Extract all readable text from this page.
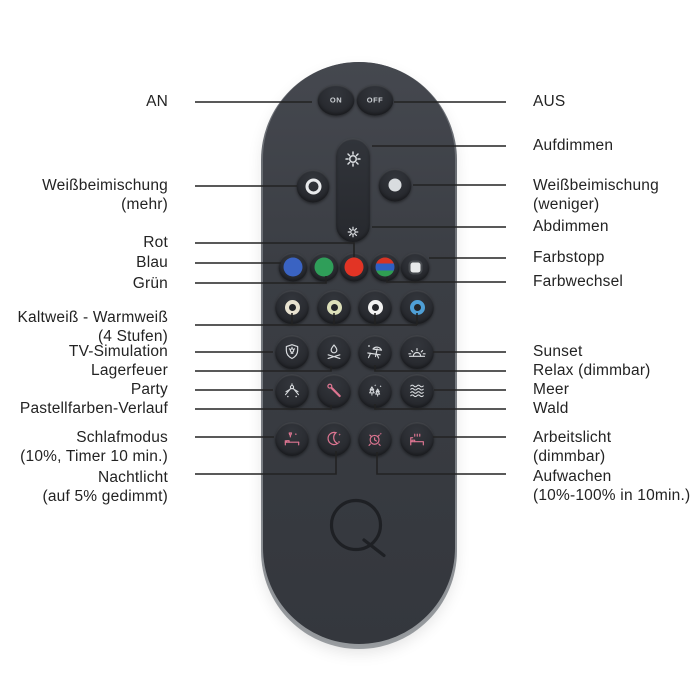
ON	OFF
AN
Weißbeimischung
(mehr)
Rot
Blau
Grün
Kaltweiß - Warmweiß
(4 Stufen)
TV-Simulation
Lagerfeuer
Party
Pastellfarben-Verlauf
Schlafmodus
(10%, Timer 10 min.)
Nachtlicht
(auf 5% gedimmt)
AUS
Aufdimmen
Weißbeimischung
(weniger)
Abdimmen
Farbstopp
Farbwechsel
Sunset
Relax (dimmbar)
Meer
Wald
Arbeitslicht
(dimmbar)
Aufwachen
(10%-100% in 10min.)
